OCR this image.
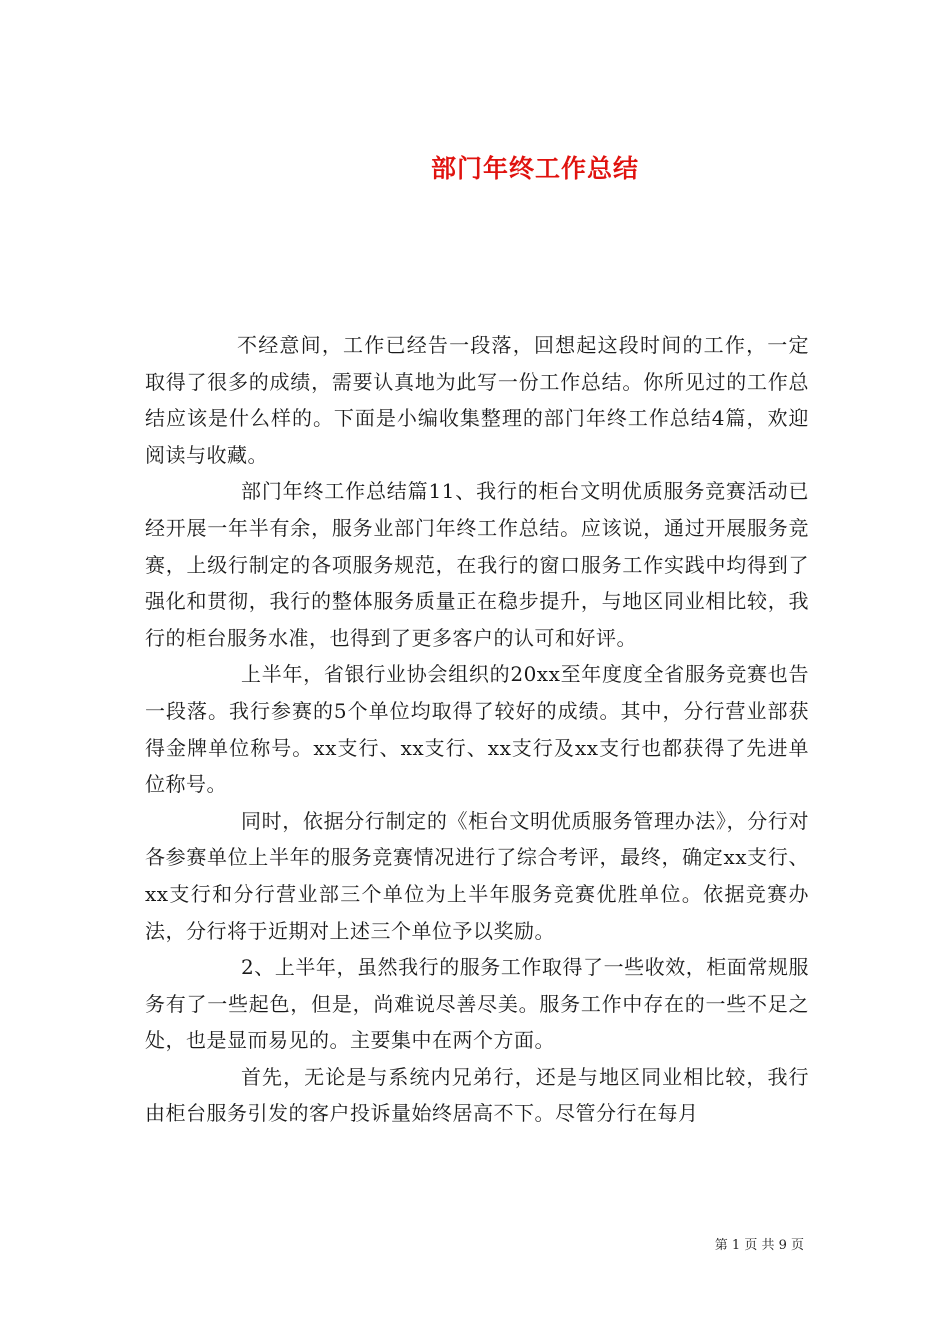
部门年终工作总结

不经意间，工作已经告一段落，回想起这段时间的工作，一定取得了很多的成绩，需要认真地为此写一份工作总结。你所见过的工作总结应该是什么样的。下面是小编收集整理的部门年终工作总结4篇，欢迎阅读与收藏。

部门年终工作总结篇11、我行的柜台文明优质服务竞赛活动已经开展一年半有余，服务业部门年终工作总结。应该说，通过开展服务竞赛，上级行制定的各项服务规范，在我行的窗口服务工作实践中均得到了强化和贯彻，我行的整体服务质量正在稳步提升，与地区同业相比较，我行的柜台服务水准，也得到了更多客户的认可和好评。

上半年，省银行业协会组织的20xx至年度度全省服务竞赛也告一段落。我行参赛的5个单位均取得了较好的成绩。其中，分行营业部获得金牌单位称号。xx支行、xx支行、xx支行及xx支行也都获得了先进单位称号。

同时，依据分行制定的《柜台文明优质服务管理办法》，分行对各参赛单位上半年的服务竞赛情况进行了综合考评，最终，确定xx支行、xx支行和分行营业部三个单位为上半年服务竞赛优胜单位。依据竞赛办法，分行将于近期对上述三个单位予以奖励。

2、上半年，虽然我行的服务工作取得了一些收效，柜面常规服务有了一些起色，但是，尚难说尽善尽美。服务工作中存在的一些不足之处，也是显而易见的。主要集中在两个方面。

首先，无论是与系统内兄弟行，还是与地区同业相比较，我行由柜台服务引发的客户投诉量始终居高不下。尽管分行在每月

第 1 页 共 9 页
